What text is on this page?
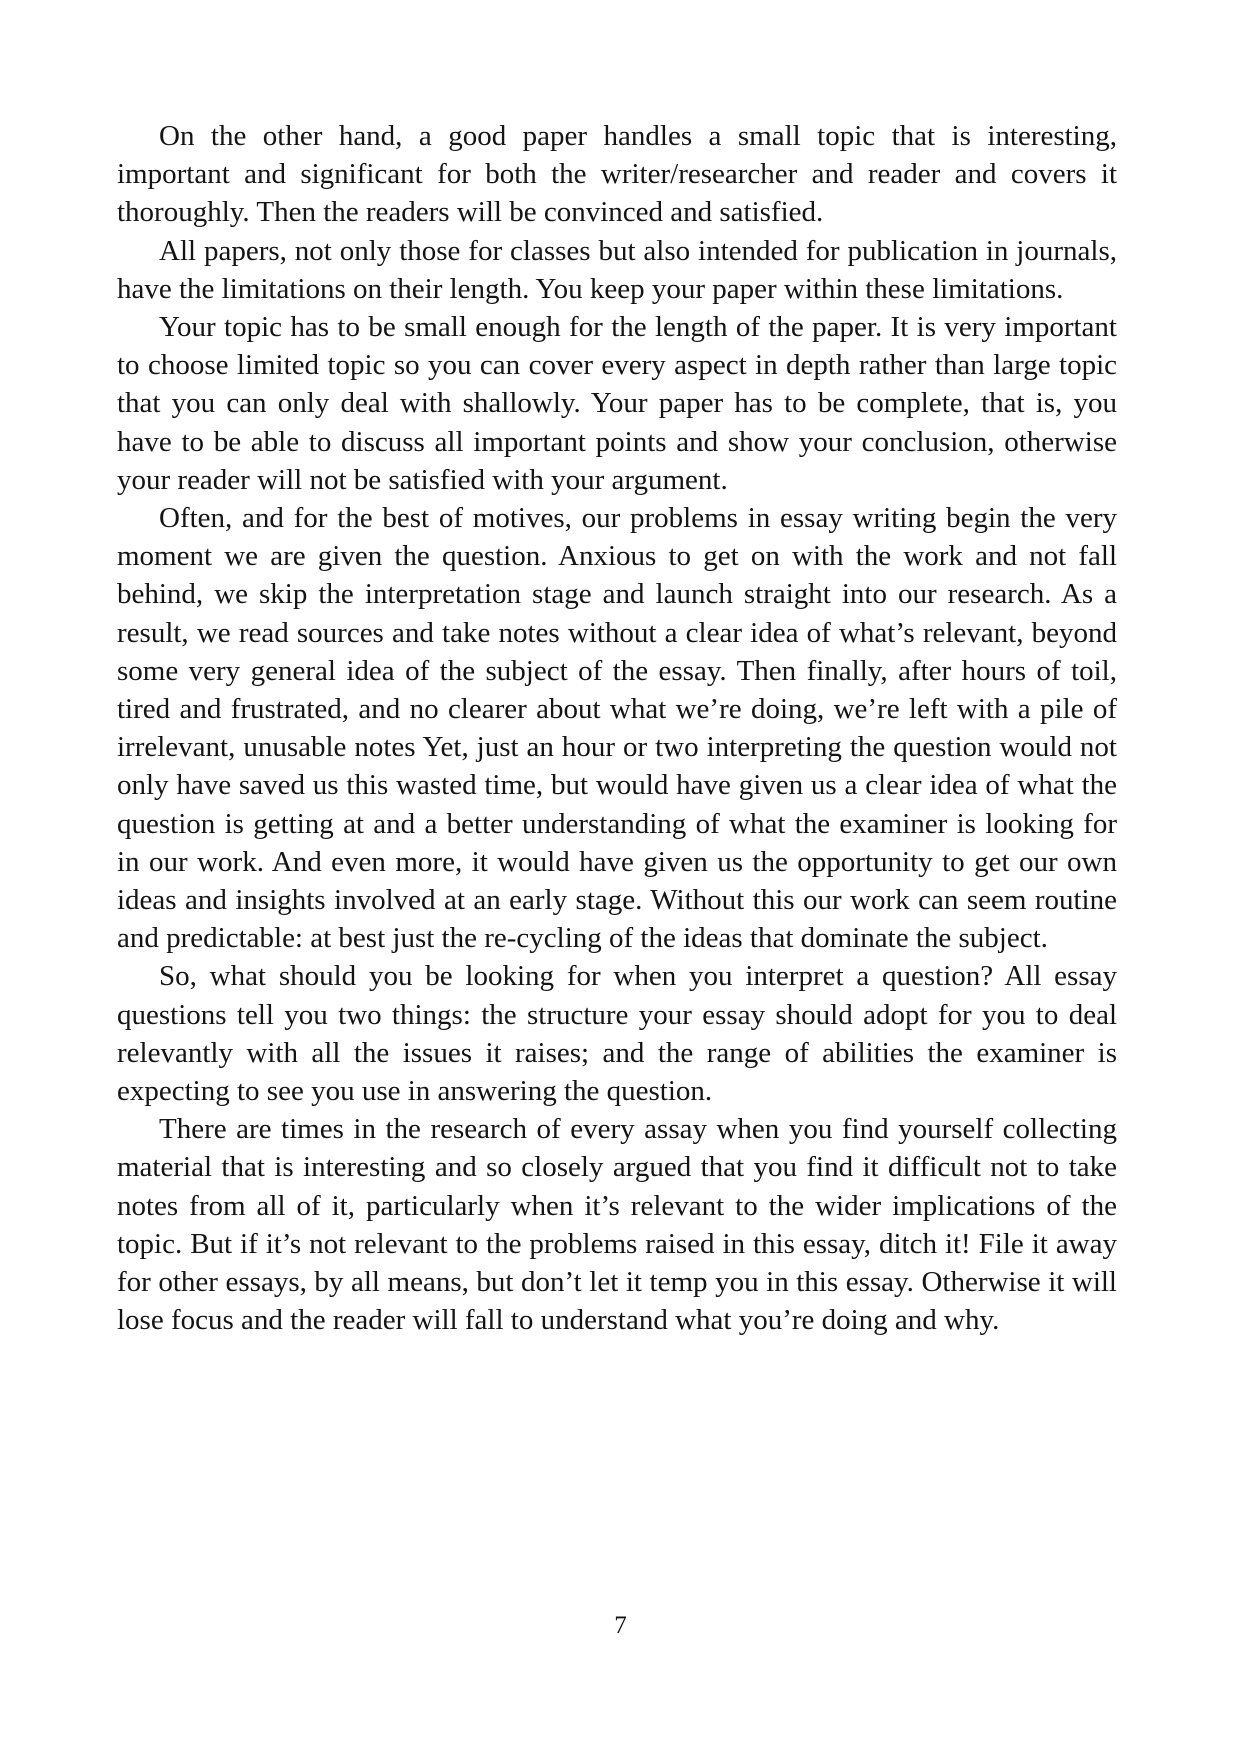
On the other hand, a good paper handles a small topic that is interesting, important and significant for both the writer/researcher and reader and covers it thoroughly. Then the readers will be convinced and satisfied.

All papers, not only those for classes but also intended for publication in journals, have the limitations on their length. You keep your paper within these limitations.

Your topic has to be small enough for the length of the paper. It is very important to choose limited topic so you can cover every aspect in depth rather than large topic that you can only deal with shallowly. Your paper has to be complete, that is, you have to be able to discuss all important points and show your conclusion, otherwise your reader will not be satisfied with your argument.

Often, and for the best of motives, our problems in essay writing begin the very moment we are given the question. Anxious to get on with the work and not fall behind, we skip the interpretation stage and launch straight into our research. As a result, we read sources and take notes without a clear idea of what’s relevant, beyond some very general idea of the subject of the essay. Then finally, after hours of toil, tired and frustrated, and no clearer about what we’re doing, we’re left with a pile of irrelevant, unusable notes Yet, just an hour or two interpreting the question would not only have saved us this wasted time, but would have given us a clear idea of what the question is getting at and a better understanding of what the examiner is looking for in our work. And even more, it would have given us the opportunity to get our own ideas and insights involved at an early stage. Without this our work can seem routine and predictable: at best just the re-cycling of the ideas that dominate the subject.

So, what should you be looking for when you interpret a question? All essay questions tell you two things: the structure your essay should adopt for you to deal relevantly with all the issues it raises; and the range of abilities the examiner is expecting to see you use in answering the question.

There are times in the research of every assay when you find yourself collecting material that is interesting and so closely argued that you find it difficult not to take notes from all of it, particularly when it’s relevant to the wider implications of the topic. But if it’s not relevant to the problems raised in this essay, ditch it! File it away for other essays, by all means, but don’t let it temp you in this essay. Otherwise it will lose focus and the reader will fall to understand what you’re doing and why.

7
